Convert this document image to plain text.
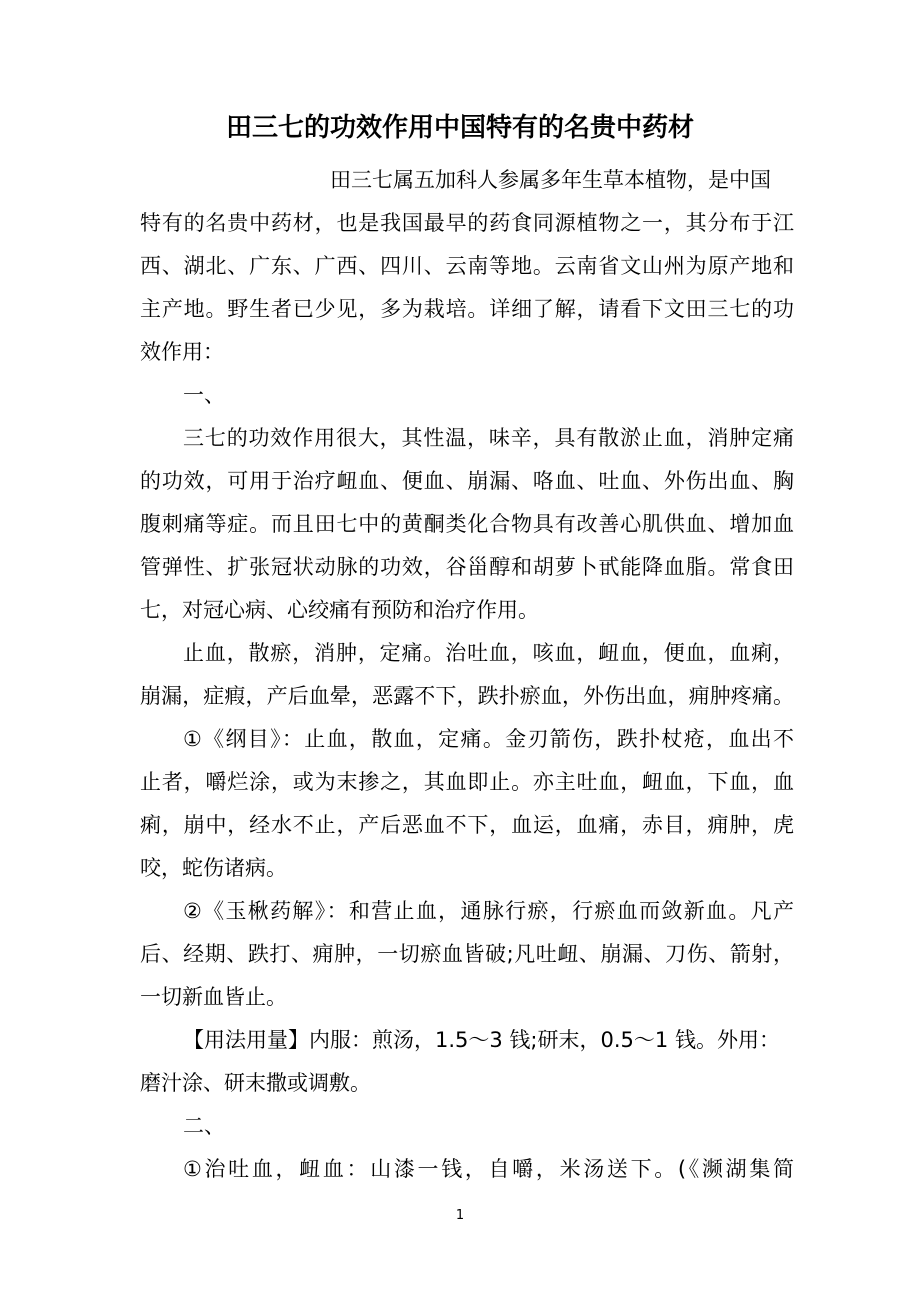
田三七的功效作用中国特有的名贵中药材
田三七属五加科人参属多年生草本植物，是中国
特有的名贵中药材，也是我国最早的药食同源植物之一，其分布于江
西、湖北、广东、广西、四川、云南等地。云南省文山州为原产地和
主产地。野生者已少见，多为栽培。详细了解，请看下文田三七的功
效作用：
一、
三七的功效作用很大，其性温，味辛，具有散淤止血，消肿定痛
的功效，可用于治疗衄血、便血、崩漏、咯血、吐血、外伤出血、胸
腹刺痛等症。而且田七中的黄酮类化合物具有改善心肌供血、增加血
管弹性、扩张冠状动脉的功效，谷甾醇和胡萝卜甙能降血脂。常食田
七，对冠心病、心绞痛有预防和治疗作用。
止血，散瘀，消肿，定痛。治吐血，咳血，衄血，便血，血痢，
崩漏，症瘕，产后血晕，恶露不下，跌扑瘀血，外伤出血，痈肿疼痛。
①《纲目》：止血，散血，定痛。金刃箭伤，跌扑杖疮，血出不
止者，嚼烂涂，或为末掺之，其血即止。亦主吐血，衄血，下血，血
痢，崩中，经水不止，产后恶血不下，血运，血痛，赤目，痈肿，虎
咬，蛇伤诸病。
②《玉楸药解》：和营止血，通脉行瘀，行瘀血而敛新血。凡产
后、经期、跌打、痈肿，一切瘀血皆破;凡吐衄、崩漏、刀伤、箭射，
一切新血皆止。
【用法用量】内服：煎汤，1.5～3 钱;研末，0.5～1 钱。外用：
磨汁涂、研末撒或调敷。
二、
①治吐血，衄血：山漆一钱，自嚼，米汤送下。(《濒湖集简
1
